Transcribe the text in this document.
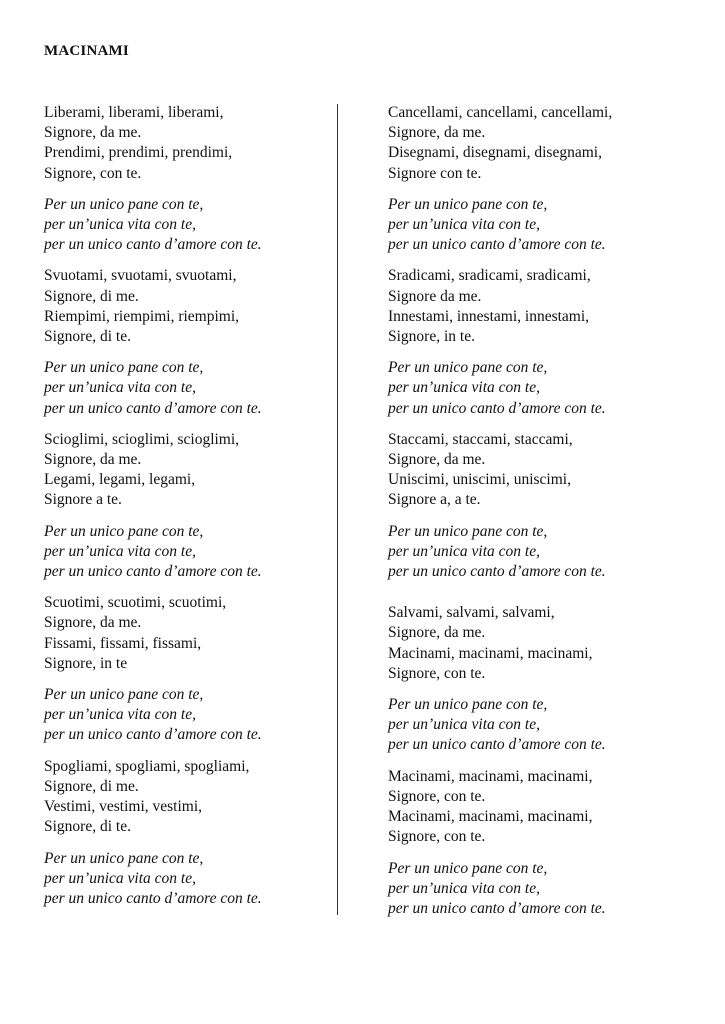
MACINAMI
Liberami, liberami, liberami,
Signore, da me.
Prendimi, prendimi, prendimi,
Signore, con te.
Per un unico pane con te,
per un’unica vita con te,
per un unico canto d’amore con te.
Svuotami, svuotami, svuotami,
Signore, di me.
Riempimi, riempimi, riempimi,
Signore, di te.
Per un unico pane con te,
per un’unica vita con te,
per un unico canto d’amore con te.
Scioglimi, scioglimi, scioglimi,
Signore, da me.
Legami, legami, legami,
Signore a te.
Per un unico pane con te,
per un’unica vita con te,
per un unico canto d’amore con te.
Scuotimi, scuotimi, scuotimi,
Signore, da me.
Fissami, fissami, fissami,
Signore, in te
Per un unico pane con te,
per un’unica vita con te,
per un unico canto d’amore con te.
Spogliami, spogliami, spogliami,
Signore, di me.
Vestimi, vestimi, vestimi,
Signore, di te.
Per un unico pane con te,
per un’unica vita con te,
per un unico canto d’amore con te.
Cancellami, cancellami, cancellami,
Signore, da me.
Disegnami, disegnami, disegnami,
Signore con te.
Per un unico pane con te,
per un’unica vita con te,
per un unico canto d’amore con te.
Sradicami, sradicami, sradicami,
Signore da me.
Innestami, innestami, innestami,
Signore, in te.
Per un unico pane con te,
per un’unica vita con te,
per un unico canto d’amore con te.
Staccami, staccami, staccami,
Signore, da me.
Uniscimi, uniscimi, uniscimi,
Signore a, a te.
Per un unico pane con te,
per un’unica vita con te,
per un unico canto d’amore con te.
Salvami, salvami, salvami,
Signore, da me.
Macinami, macinami, macinami,
Signore, con te.
Per un unico pane con te,
per un’unica vita con te,
per un unico canto d’amore con te.
Macinami, macinami, macinami,
Signore, con te.
Macinami, macinami, macinami,
Signore, con te.
Per un unico pane con te,
per un’unica vita con te,
per un unico canto d’amore con te.
